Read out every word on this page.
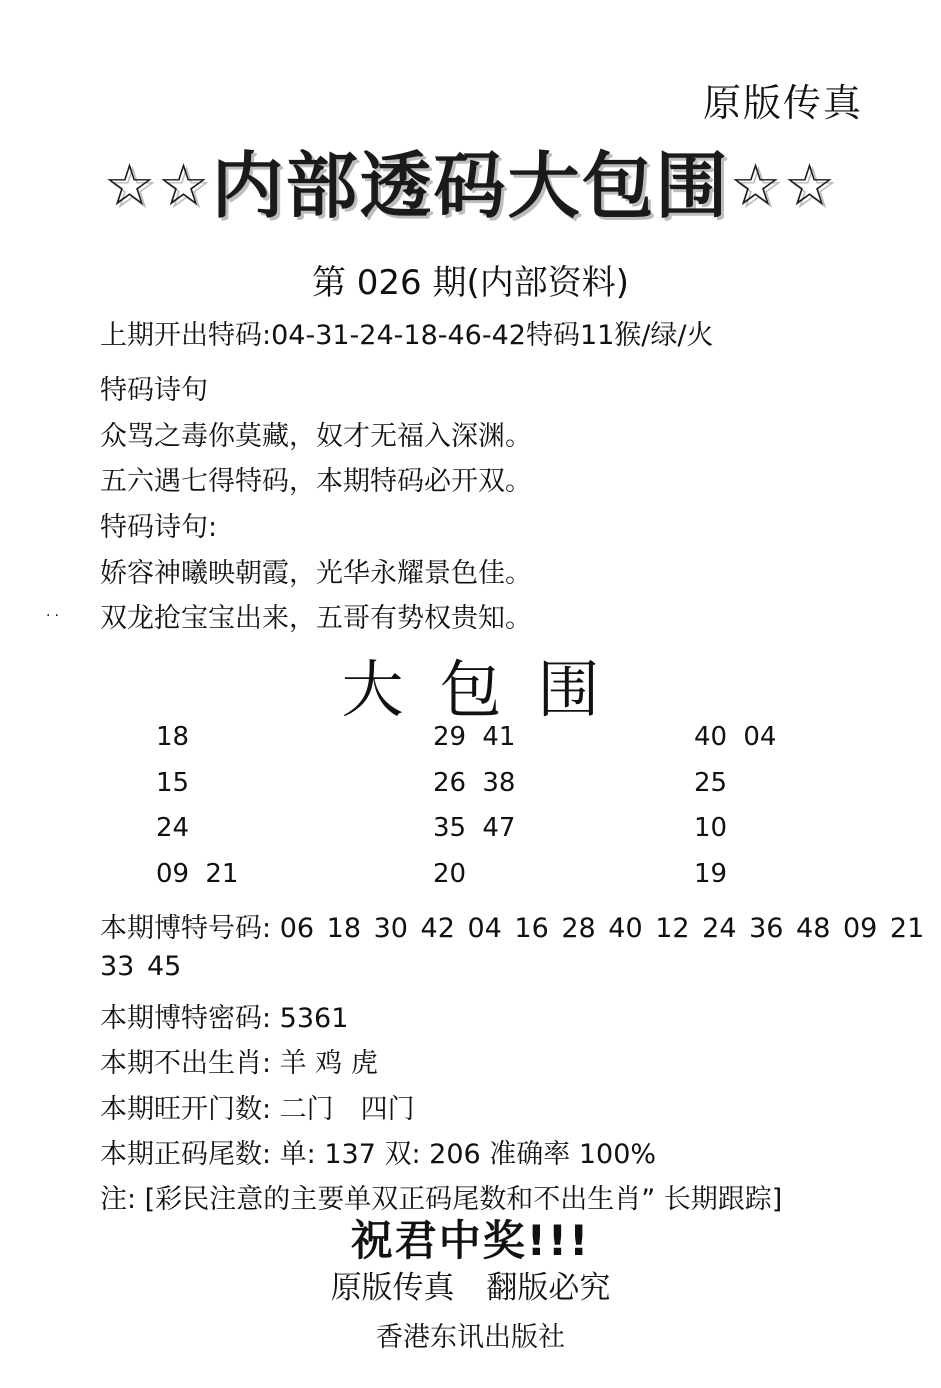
原版传真
☆☆内部透码大包围☆☆
第 026 期(内部资料)
上期开出特码:04-31-24-18-46-42特码11猴/绿/火
特码诗句
众骂之毒你莫藏，奴才无福入深渊。
五六遇七得特码，本期特码必开双。
特码诗句:
娇容神曦映朝霞，光华永耀景色佳。
双龙抢宝宝出来，五哥有势权贵知。
..
大包围
18	29 41	40 04
15	26 38	25
24	35 47	10
09 21	20	19
本期博特号码: 06 18 30 42 04 16 28 40 12 24 36 48 09 21
33 45
本期博特密码: 5361
本期不出生肖: 羊 鸡 虎
本期旺开门数: 二门　四门
本期正码尾数: 单: 137 双: 206 准确率 100%
注: [彩民注意的主要单双正码尾数和不出生肖” 长期跟踪]
祝君中奖!!!
原版传真 翻版必究
香港东讯出版社
